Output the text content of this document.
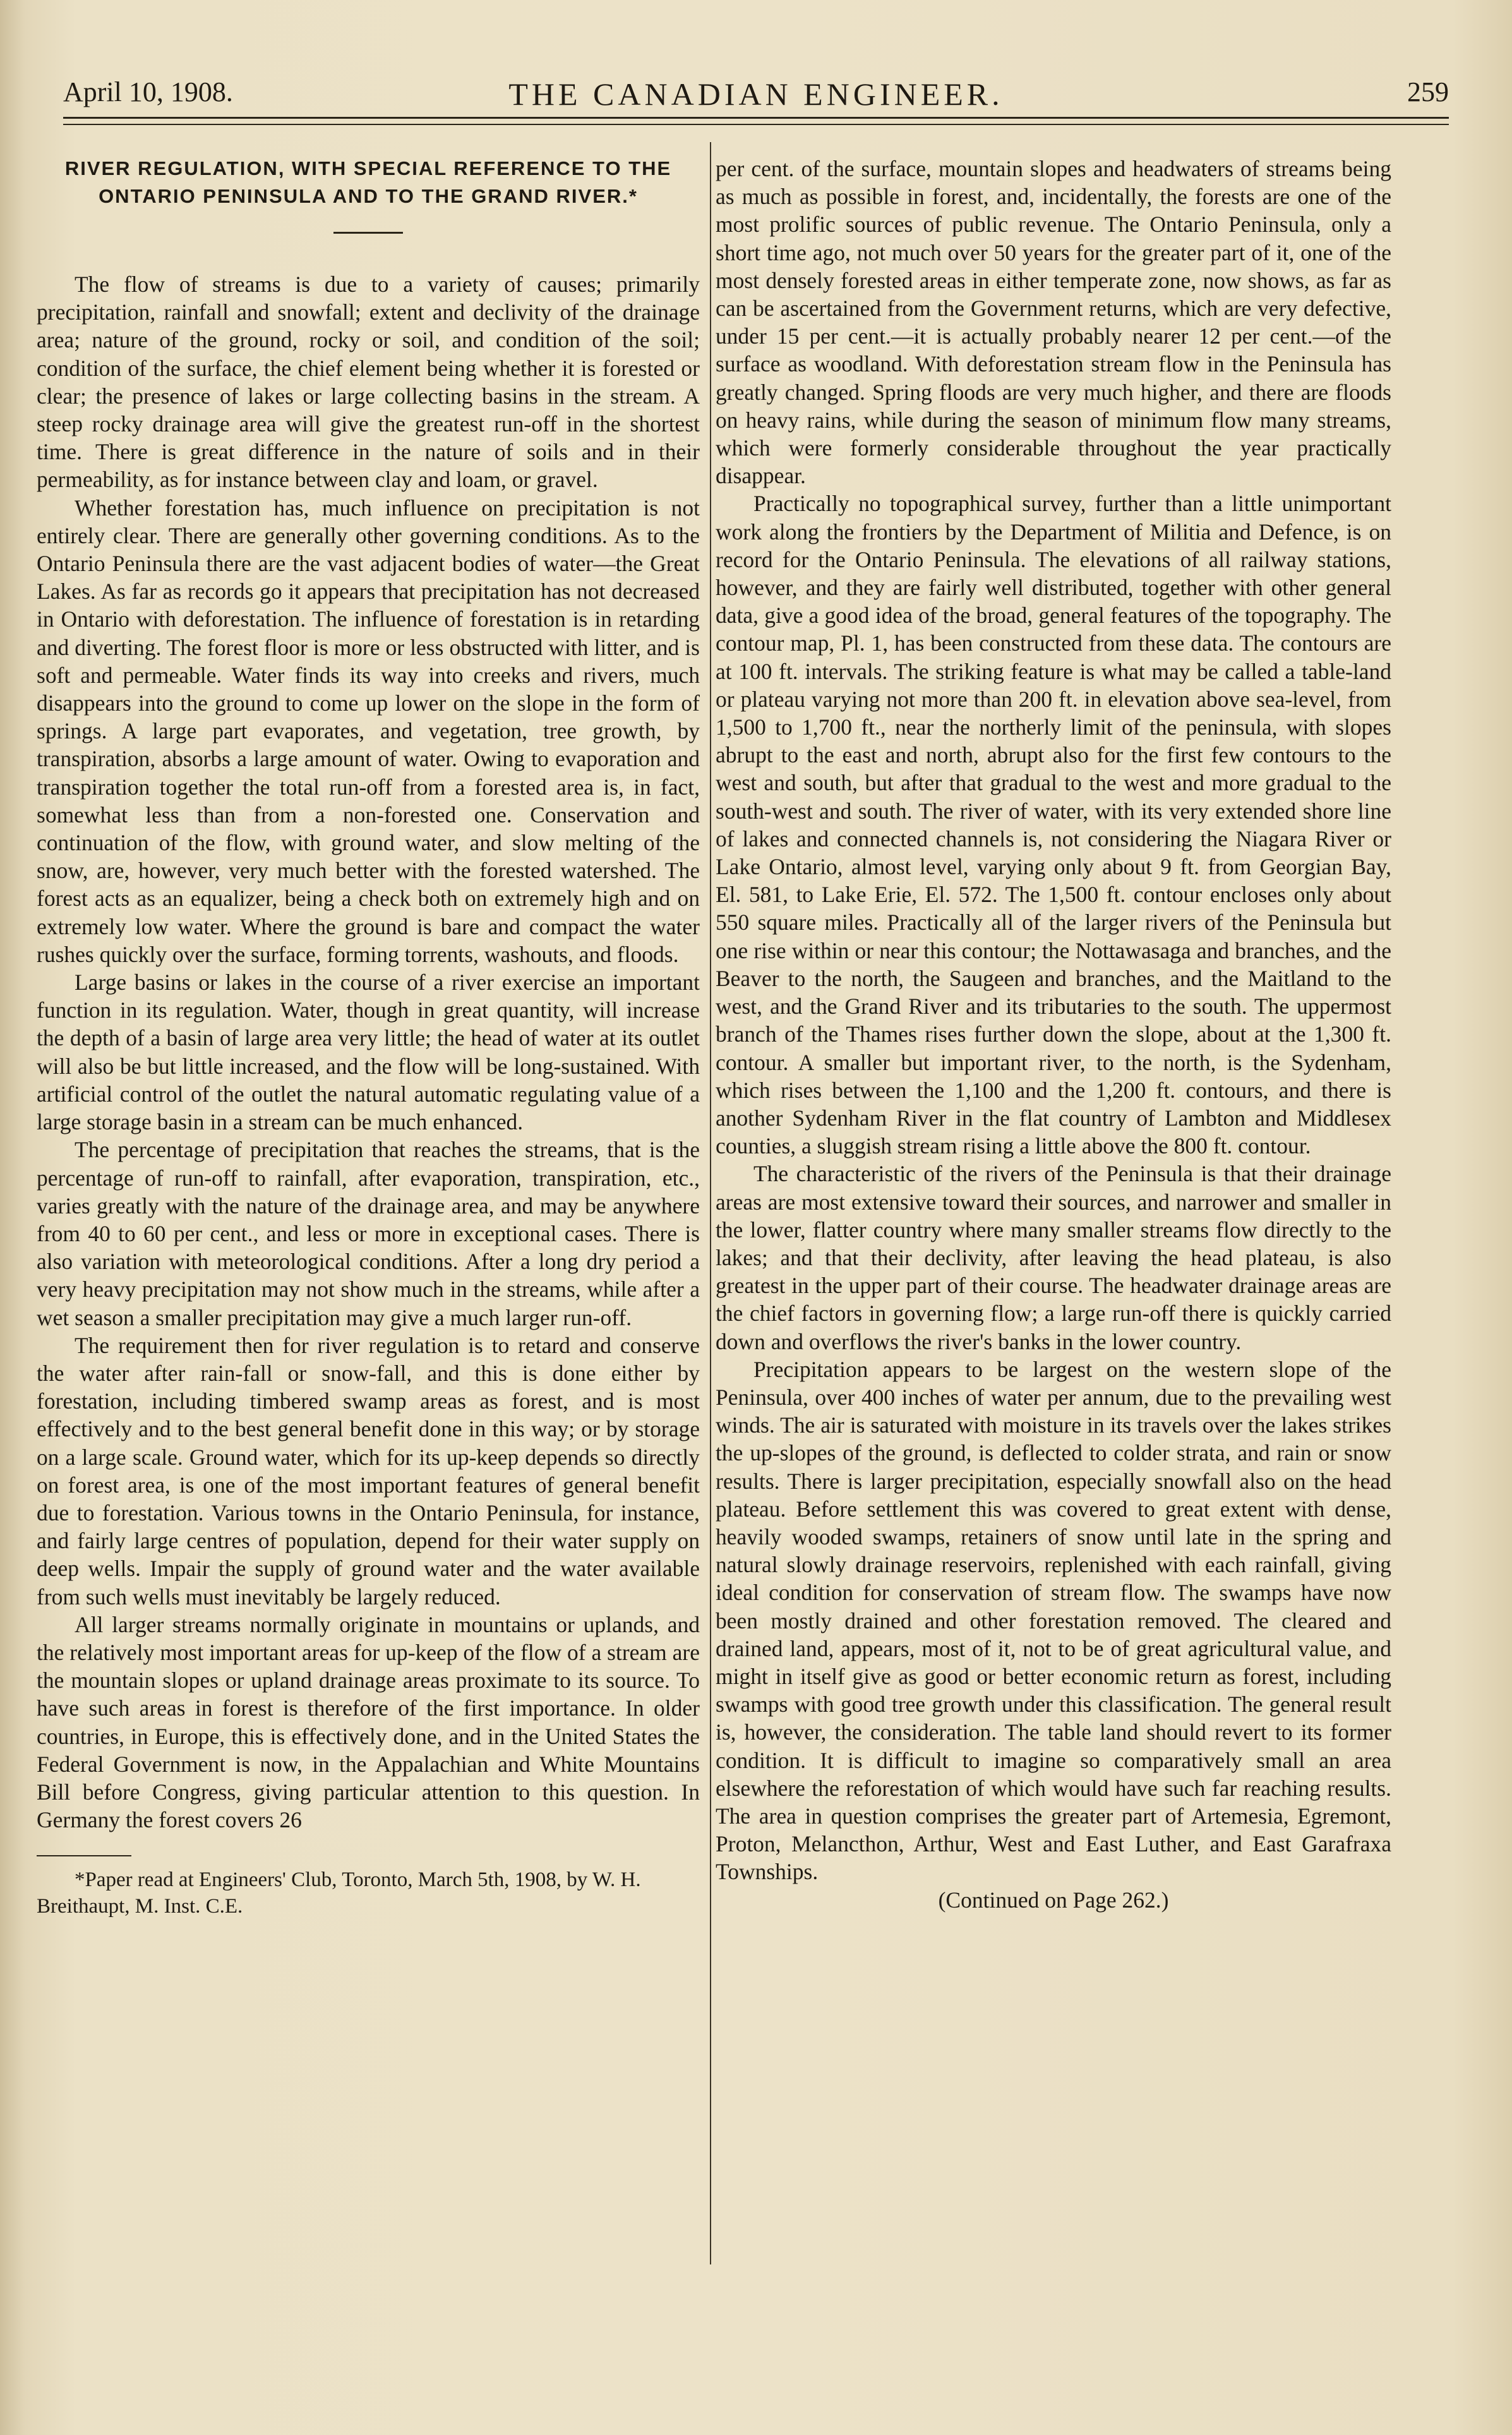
April 10, 1908.	THE CANADIAN ENGINEER.	259
RIVER REGULATION, WITH SPECIAL REFERENCE TO THE ONTARIO PENINSULA AND TO THE GRAND RIVER.*

The flow of streams is due to a variety of causes; primarily precipitation, rainfall and snowfall; extent and declivity of the drainage area; nature of the ground, rocky or soil, and condition of the soil; condition of the surface, the chief element being whether it is forested or clear; the presence of lakes or large collecting basins in the stream. A steep rocky drainage area will give the greatest run-off in the shortest time. There is great difference in the nature of soils and in their permeability, as for instance between clay and loam, or gravel.

Whether forestation has, much influence on precipitation is not entirely clear. There are generally other governing conditions. As to the Ontario Peninsula there are the vast adjacent bodies of water—the Great Lakes. As far as records go it appears that precipitation has not decreased in Ontario with deforestation. The influence of forestation is in retarding and diverting. The forest floor is more or less obstructed with litter, and is soft and permeable. Water finds its way into creeks and rivers, much disappears into the ground to come up lower on the slope in the form of springs. A large part evaporates, and vegetation, tree growth, by transpiration, absorbs a large amount of water. Owing to evaporation and transpiration together the total run-off from a forested area is, in fact, somewhat less than from a non-forested one. Conservation and continuation of the flow, with ground water, and slow melting of the snow, are, however, very much better with the forested watershed. The forest acts as an equalizer, being a check both on extremely high and on extremely low water. Where the ground is bare and compact the water rushes quickly over the surface, forming torrents, washouts, and floods.

Large basins or lakes in the course of a river exercise an important function in its regulation. Water, though in great quantity, will increase the depth of a basin of large area very little; the head of water at its outlet will also be but little increased, and the flow will be long-sustained. With artificial control of the outlet the natural automatic regulating value of a large storage basin in a stream can be much enhanced.

The percentage of precipitation that reaches the streams, that is the percentage of run-off to rainfall, after evaporation, transpiration, etc., varies greatly with the nature of the drainage area, and may be anywhere from 40 to 60 per cent., and less or more in exceptional cases. There is also variation with meteorological conditions. After a long dry period a very heavy precipitation may not show much in the streams, while after a wet season a smaller precipitation may give a much larger run-off.

The requirement then for river regulation is to retard and conserve the water after rain-fall or snow-fall, and this is done either by forestation, including timbered swamp areas as forest, and is most effectively and to the best general benefit done in this way; or by storage on a large scale. Ground water, which for its up-keep depends so directly on forest area, is one of the most important features of general benefit due to forestation. Various towns in the Ontario Peninsula, for instance, and fairly large centres of population, depend for their water supply on deep wells. Impair the supply of ground water and the water available from such wells must inevitably be largely reduced.

All larger streams normally originate in mountains or uplands, and the relatively most important areas for up-keep of the flow of a stream are the mountain slopes or upland drainage areas proximate to its source. To have such areas in forest is therefore of the first importance. In older countries, in Europe, this is effectively done, and in the United States the Federal Government is now, in the Appalachian and White Mountains Bill before Congress, giving particular attention to this question. In Germany the forest covers 26

*Paper read at Engineers' Club, Toronto, March 5th, 1908, by W. H. Breithaupt, M. Inst. C.E.

per cent. of the surface, mountain slopes and headwaters of streams being as much as possible in forest, and, incidentally, the forests are one of the most prolific sources of public revenue. The Ontario Peninsula, only a short time ago, not much over 50 years for the greater part of it, one of the most densely forested areas in either temperate zone, now shows, as far as can be ascertained from the Government returns, which are very defective, under 15 per cent.—it is actually probably nearer 12 per cent.—of the surface as woodland. With deforestation stream flow in the Peninsula has greatly changed. Spring floods are very much higher, and there are floods on heavy rains, while during the season of minimum flow many streams, which were formerly considerable throughout the year practically disappear.

Practically no topographical survey, further than a little unimportant work along the frontiers by the Department of Militia and Defence, is on record for the Ontario Peninsula. The elevations of all railway stations, however, and they are fairly well distributed, together with other general data, give a good idea of the broad, general features of the topography. The contour map, Pl. 1, has been constructed from these data. The contours are at 100 ft. intervals. The striking feature is what may be called a table-land or plateau varying not more than 200 ft. in elevation above sea-level, from 1,500 to 1,700 ft., near the northerly limit of the peninsula, with slopes abrupt to the east and north, abrupt also for the first few contours to the west and south, but after that gradual to the west and more gradual to the south-west and south. The river of water, with its very extended shore line of lakes and connected channels is, not considering the Niagara River or Lake Ontario, almost level, varying only about 9 ft. from Georgian Bay, El. 581, to Lake Erie, El. 572. The 1,500 ft. contour encloses only about 550 square miles. Practically all of the larger rivers of the Peninsula but one rise within or near this contour; the Nottawasaga and branches, and the Beaver to the north, the Saugeen and branches, and the Maitland to the west, and the Grand River and its tributaries to the south. The uppermost branch of the Thames rises further down the slope, about at the 1,300 ft. contour. A smaller but important river, to the north, is the Sydenham, which rises between the 1,100 and the 1,200 ft. contours, and there is another Sydenham River in the flat country of Lambton and Middlesex counties, a sluggish stream rising a little above the 800 ft. contour.

The characteristic of the rivers of the Peninsula is that their drainage areas are most extensive toward their sources, and narrower and smaller in the lower, flatter country where many smaller streams flow directly to the lakes; and that their declivity, after leaving the head plateau, is also greatest in the upper part of their course. The headwater drainage areas are the chief factors in governing flow; a large run-off there is quickly carried down and overflows the river's banks in the lower country.

Precipitation appears to be largest on the western slope of the Peninsula, over 400 inches of water per annum, due to the prevailing west winds. The air is saturated with moisture in its travels over the lakes strikes the up-slopes of the ground, is deflected to colder strata, and rain or snow results. There is larger precipitation, especially snowfall also on the head plateau. Before settlement this was covered to great extent with dense, heavily wooded swamps, retainers of snow until late in the spring and natural slowly drainage reservoirs, replenished with each rainfall, giving ideal condition for conservation of stream flow. The swamps have now been mostly drained and other forestation removed. The cleared and drained land, appears, most of it, not to be of great agricultural value, and might in itself give as good or better economic return as forest, including swamps with good tree growth under this classification. The general result is, however, the consideration. The table land should revert to its former condition. It is difficult to imagine so comparatively small an area elsewhere the reforestation of which would have such far reaching results. The area in question comprises the greater part of Artemesia, Egremont, Proton, Melancthon, Arthur, West and East Luther, and East Garafraxa Townships.

(Continued on Page 262.)
